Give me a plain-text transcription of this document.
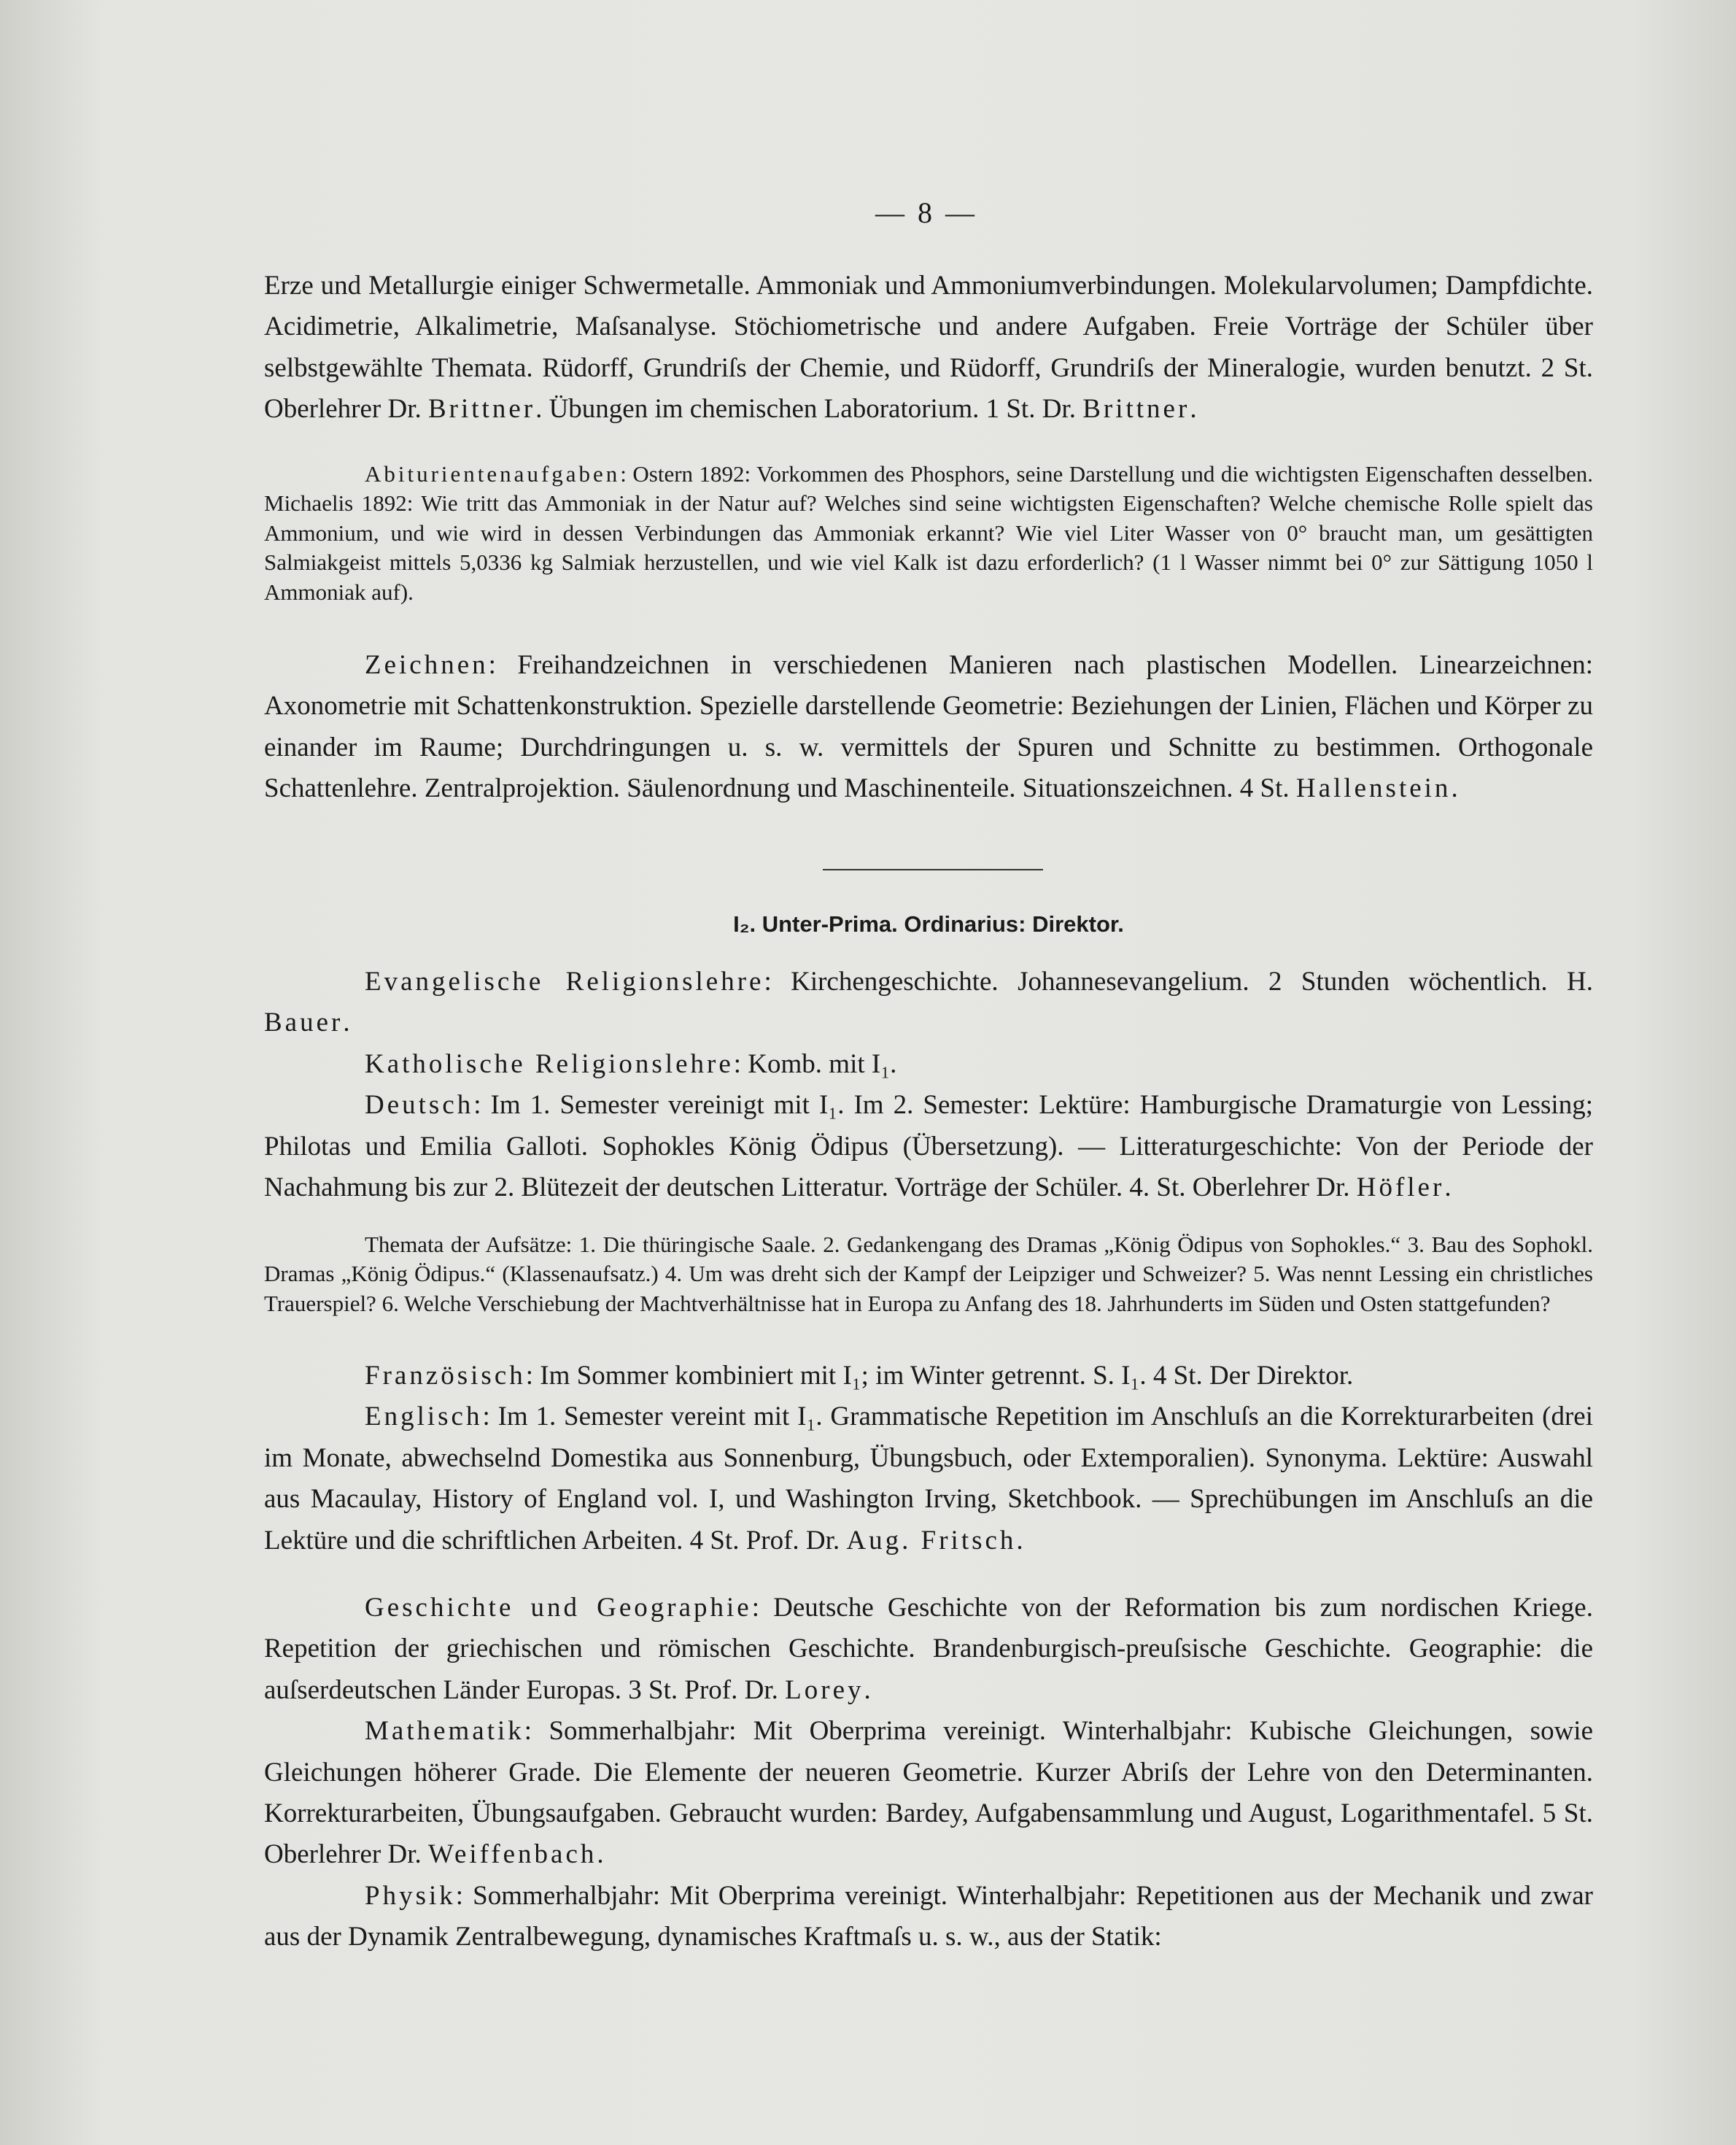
— 8 —

Erze und Metallurgie einiger Schwermetalle. Ammoniak und Ammoniumverbindungen. Molekularvolumen; Dampfdichte. Acidimetrie, Alkalimetrie, Maſsanalyse. Stöchiometrische und andere Aufgaben. Freie Vorträge der Schüler über selbstgewählte Themata. Rüdorff, Grundriſs der Chemie, und Rüdorff, Grundriſs der Mineralogie, wurden benutzt. 2 St. Oberlehrer Dr. Brittner. Übungen im chemischen Laboratorium. 1 St. Dr. Brittner.

Abiturientenaufgaben: Ostern 1892: Vorkommen des Phosphors, seine Darstellung und die wichtigsten Eigenschaften desselben. Michaelis 1892: Wie tritt das Ammoniak in der Natur auf? Welches sind seine wichtigsten Eigenschaften? Welche chemische Rolle spielt das Ammonium, und wie wird in dessen Verbindungen das Ammoniak erkannt? Wie viel Liter Wasser von 0° braucht man, um gesättigten Salmiakgeist mittels 5,0336 kg Salmiak herzustellen, und wie viel Kalk ist dazu erforderlich? (1 l Wasser nimmt bei 0° zur Sättigung 1050 l Ammoniak auf).

Zeichnen: Freihandzeichnen in verschiedenen Manieren nach plastischen Modellen. Linearzeichnen: Axonometrie mit Schattenkonstruktion. Spezielle darstellende Geometrie: Beziehungen der Linien, Flächen und Körper zu einander im Raume; Durchdringungen u. s. w. vermittels der Spuren und Schnitte zu bestimmen. Orthogonale Schattenlehre. Zentralprojektion. Säulenordnung und Maschinenteile. Situationszeichnen. 4 St. Hallenstein.

I₂. Unter-Prima. Ordinarius: Direktor.

Evangelische Religionslehre: Kirchengeschichte. Johannesevangelium. 2 Stunden wöchentlich. H. Bauer.

Katholische Religionslehre: Komb. mit I₁.

Deutsch: Im 1. Semester vereinigt mit I₁. Im 2. Semester: Lektüre: Hamburgische Dramaturgie von Lessing; Philotas und Emilia Galloti. Sophokles König Ödipus (Übersetzung). — Litteraturgeschichte: Von der Periode der Nachahmung bis zur 2. Blütezeit der deutschen Litteratur. Vorträge der Schüler. 4. St. Oberlehrer Dr. Höfler.

Themata der Aufsätze: 1. Die thüringische Saale. 2. Gedankengang des Dramas „König Ödipus von Sophokles.“ 3. Bau des Sophokl. Dramas „König Ödipus.“ (Klassenaufsatz.) 4. Um was dreht sich der Kampf der Leipziger und Schweizer? 5. Was nennt Lessing ein christliches Trauerspiel? 6. Welche Verschiebung der Machtverhältnisse hat in Europa zu Anfang des 18. Jahrhunderts im Süden und Osten stattgefunden?

Französisch: Im Sommer kombiniert mit I₁; im Winter getrennt. S. I₁. 4 St. Der Direktor.

Englisch: Im 1. Semester vereint mit I₁. Grammatische Repetition im Anschluſs an die Korrekturarbeiten (drei im Monate, abwechselnd Domestika aus Sonnenburg, Übungsbuch, oder Extemporalien). Synonyma. Lektüre: Auswahl aus Macaulay, History of England vol. I, und Washington Irving, Sketchbook. — Sprechübungen im Anschluſs an die Lektüre und die schriftlichen Arbeiten. 4 St. Prof. Dr. Aug. Fritsch.

Geschichte und Geographie: Deutsche Geschichte von der Reformation bis zum nordischen Kriege. Repetition der griechischen und römischen Geschichte. Brandenburgisch-preuſsische Geschichte. Geographie: die auſserdeutschen Länder Europas. 3 St. Prof. Dr. Lorey.

Mathematik: Sommerhalbjahr: Mit Oberprima vereinigt. Winterhalbjahr: Kubische Gleichungen, sowie Gleichungen höherer Grade. Die Elemente der neueren Geometrie. Kurzer Abriſs der Lehre von den Determinanten. Korrekturarbeiten, Übungsaufgaben. Gebraucht wurden: Bardey, Aufgabensammlung und August, Logarithmentafel. 5 St. Oberlehrer Dr. Weiffenbach.

Physik: Sommerhalbjahr: Mit Oberprima vereinigt. Winterhalbjahr: Repetitionen aus der Mechanik und zwar aus der Dynamik Zentralbewegung, dynamisches Kraftmaſs u. s. w., aus der Statik:
